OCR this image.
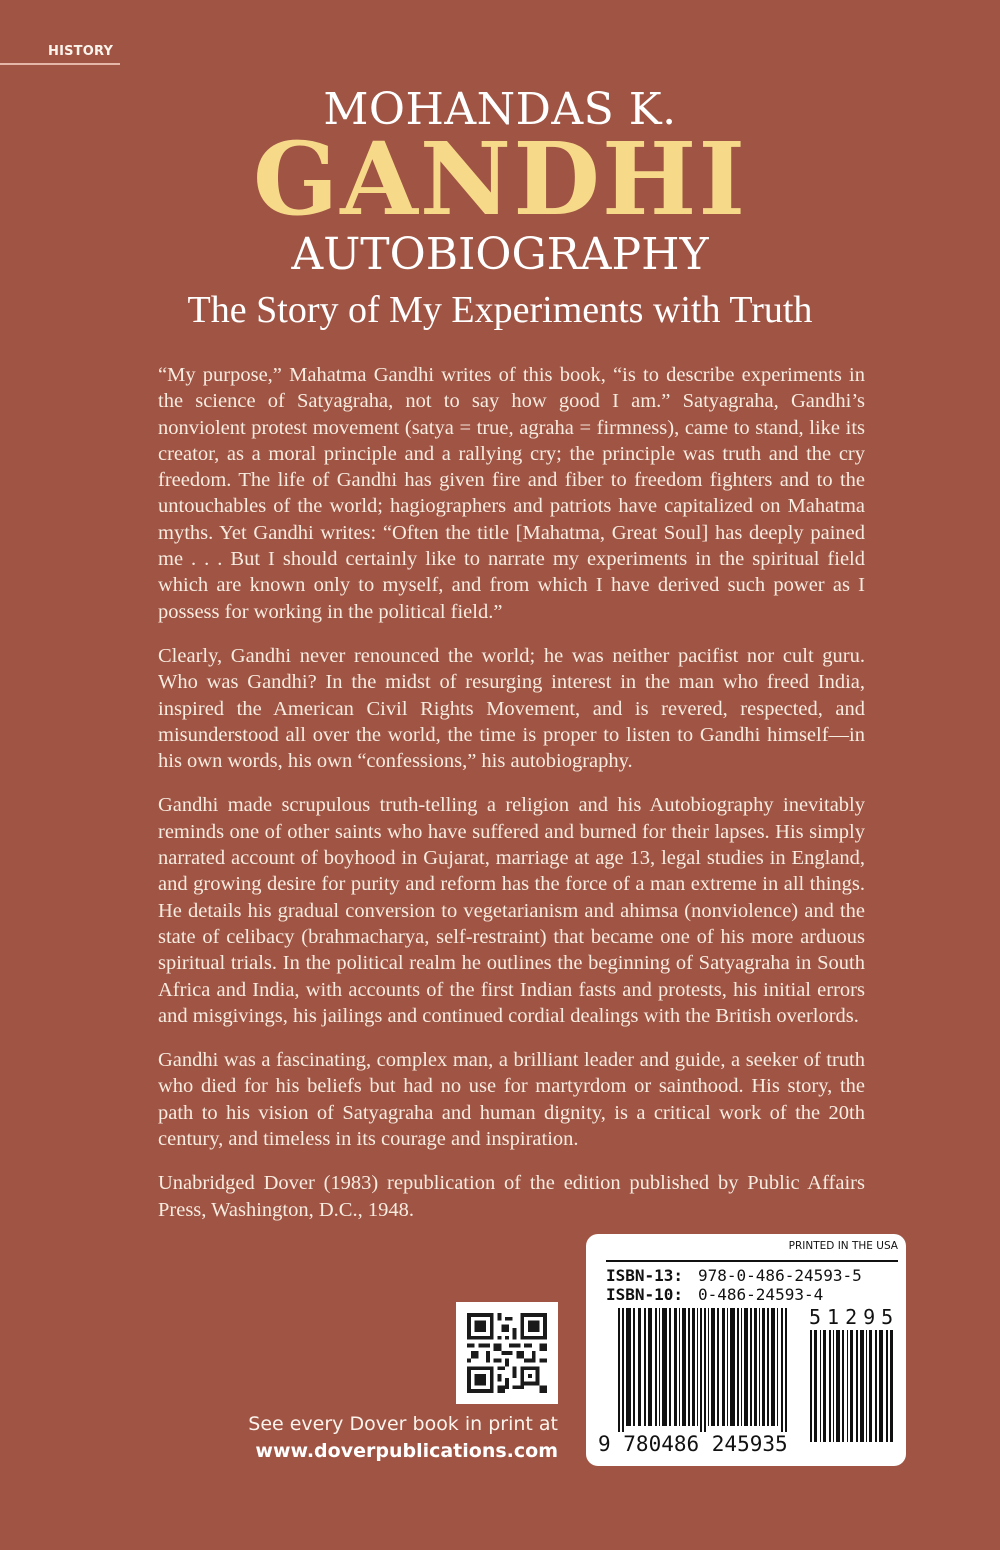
HISTORY
MOHANDAS K.
GANDHI
AUTOBIOGRAPHY
The Story of My Experiments with Truth

“My purpose,” Mahatma Gandhi writes of this book, “is to describe experiments in the science of Satyagraha, not to say how good I am.” Satyagraha, Gandhi’s nonviolent protest movement (satya = true, agraha = firmness), came to stand, like its creator, as a moral principle and a rallying cry; the principle was truth and the cry freedom. The life of Gandhi has given fire and fiber to freedom fighters and to the untouchables of the world; hagiographers and patriots have capitalized on Mahatma myths. Yet Gandhi writes: “Often the title [Mahatma, Great Soul] has deeply pained me . . . But I should certainly like to narrate my experiments in the spiritual field which are known only to myself, and from which I have derived such power as I possess for working in the political field.”

Clearly, Gandhi never renounced the world; he was neither pacifist nor cult guru. Who was Gandhi? In the midst of resurging interest in the man who freed India, inspired the American Civil Rights Movement, and is revered, respected, and misunderstood all over the world, the time is proper to listen to Gandhi himself—in his own words, his own “confessions,” his autobiography.

Gandhi made scrupulous truth-telling a religion and his Autobiography inevitably reminds one of other saints who have suffered and burned for their lapses. His simply narrated account of boyhood in Gujarat, marriage at age 13, legal studies in England, and growing desire for purity and reform has the force of a man extreme in all things. He details his gradual conversion to vegetarianism and ahimsa (nonviolence) and the state of celibacy (brahmacharya, self-restraint) that became one of his more arduous spiritual trials. In the political realm he outlines the beginning of Satyagraha in South Africa and India, with accounts of the first Indian fasts and protests, his initial errors and misgivings, his jailings and continued cordial dealings with the British overlords.

Gandhi was a fascinating, complex man, a brilliant leader and guide, a seeker of truth who died for his beliefs but had no use for martyrdom or sainthood. His story, the path to his vision of Satyagraha and human dignity, is a critical work of the 20th century, and timeless in its courage and inspiration.

Unabridged Dover (1983) republication of the edition published by Public Affairs Press, Washington, D.C., 1948.

See every Dover book in print at
www.doverpublications.com
PRINTED IN THE USA
ISBN-13: 978-0-486-24593-5
ISBN-10: 0-486-24593-4
51295
9 780486 245935
